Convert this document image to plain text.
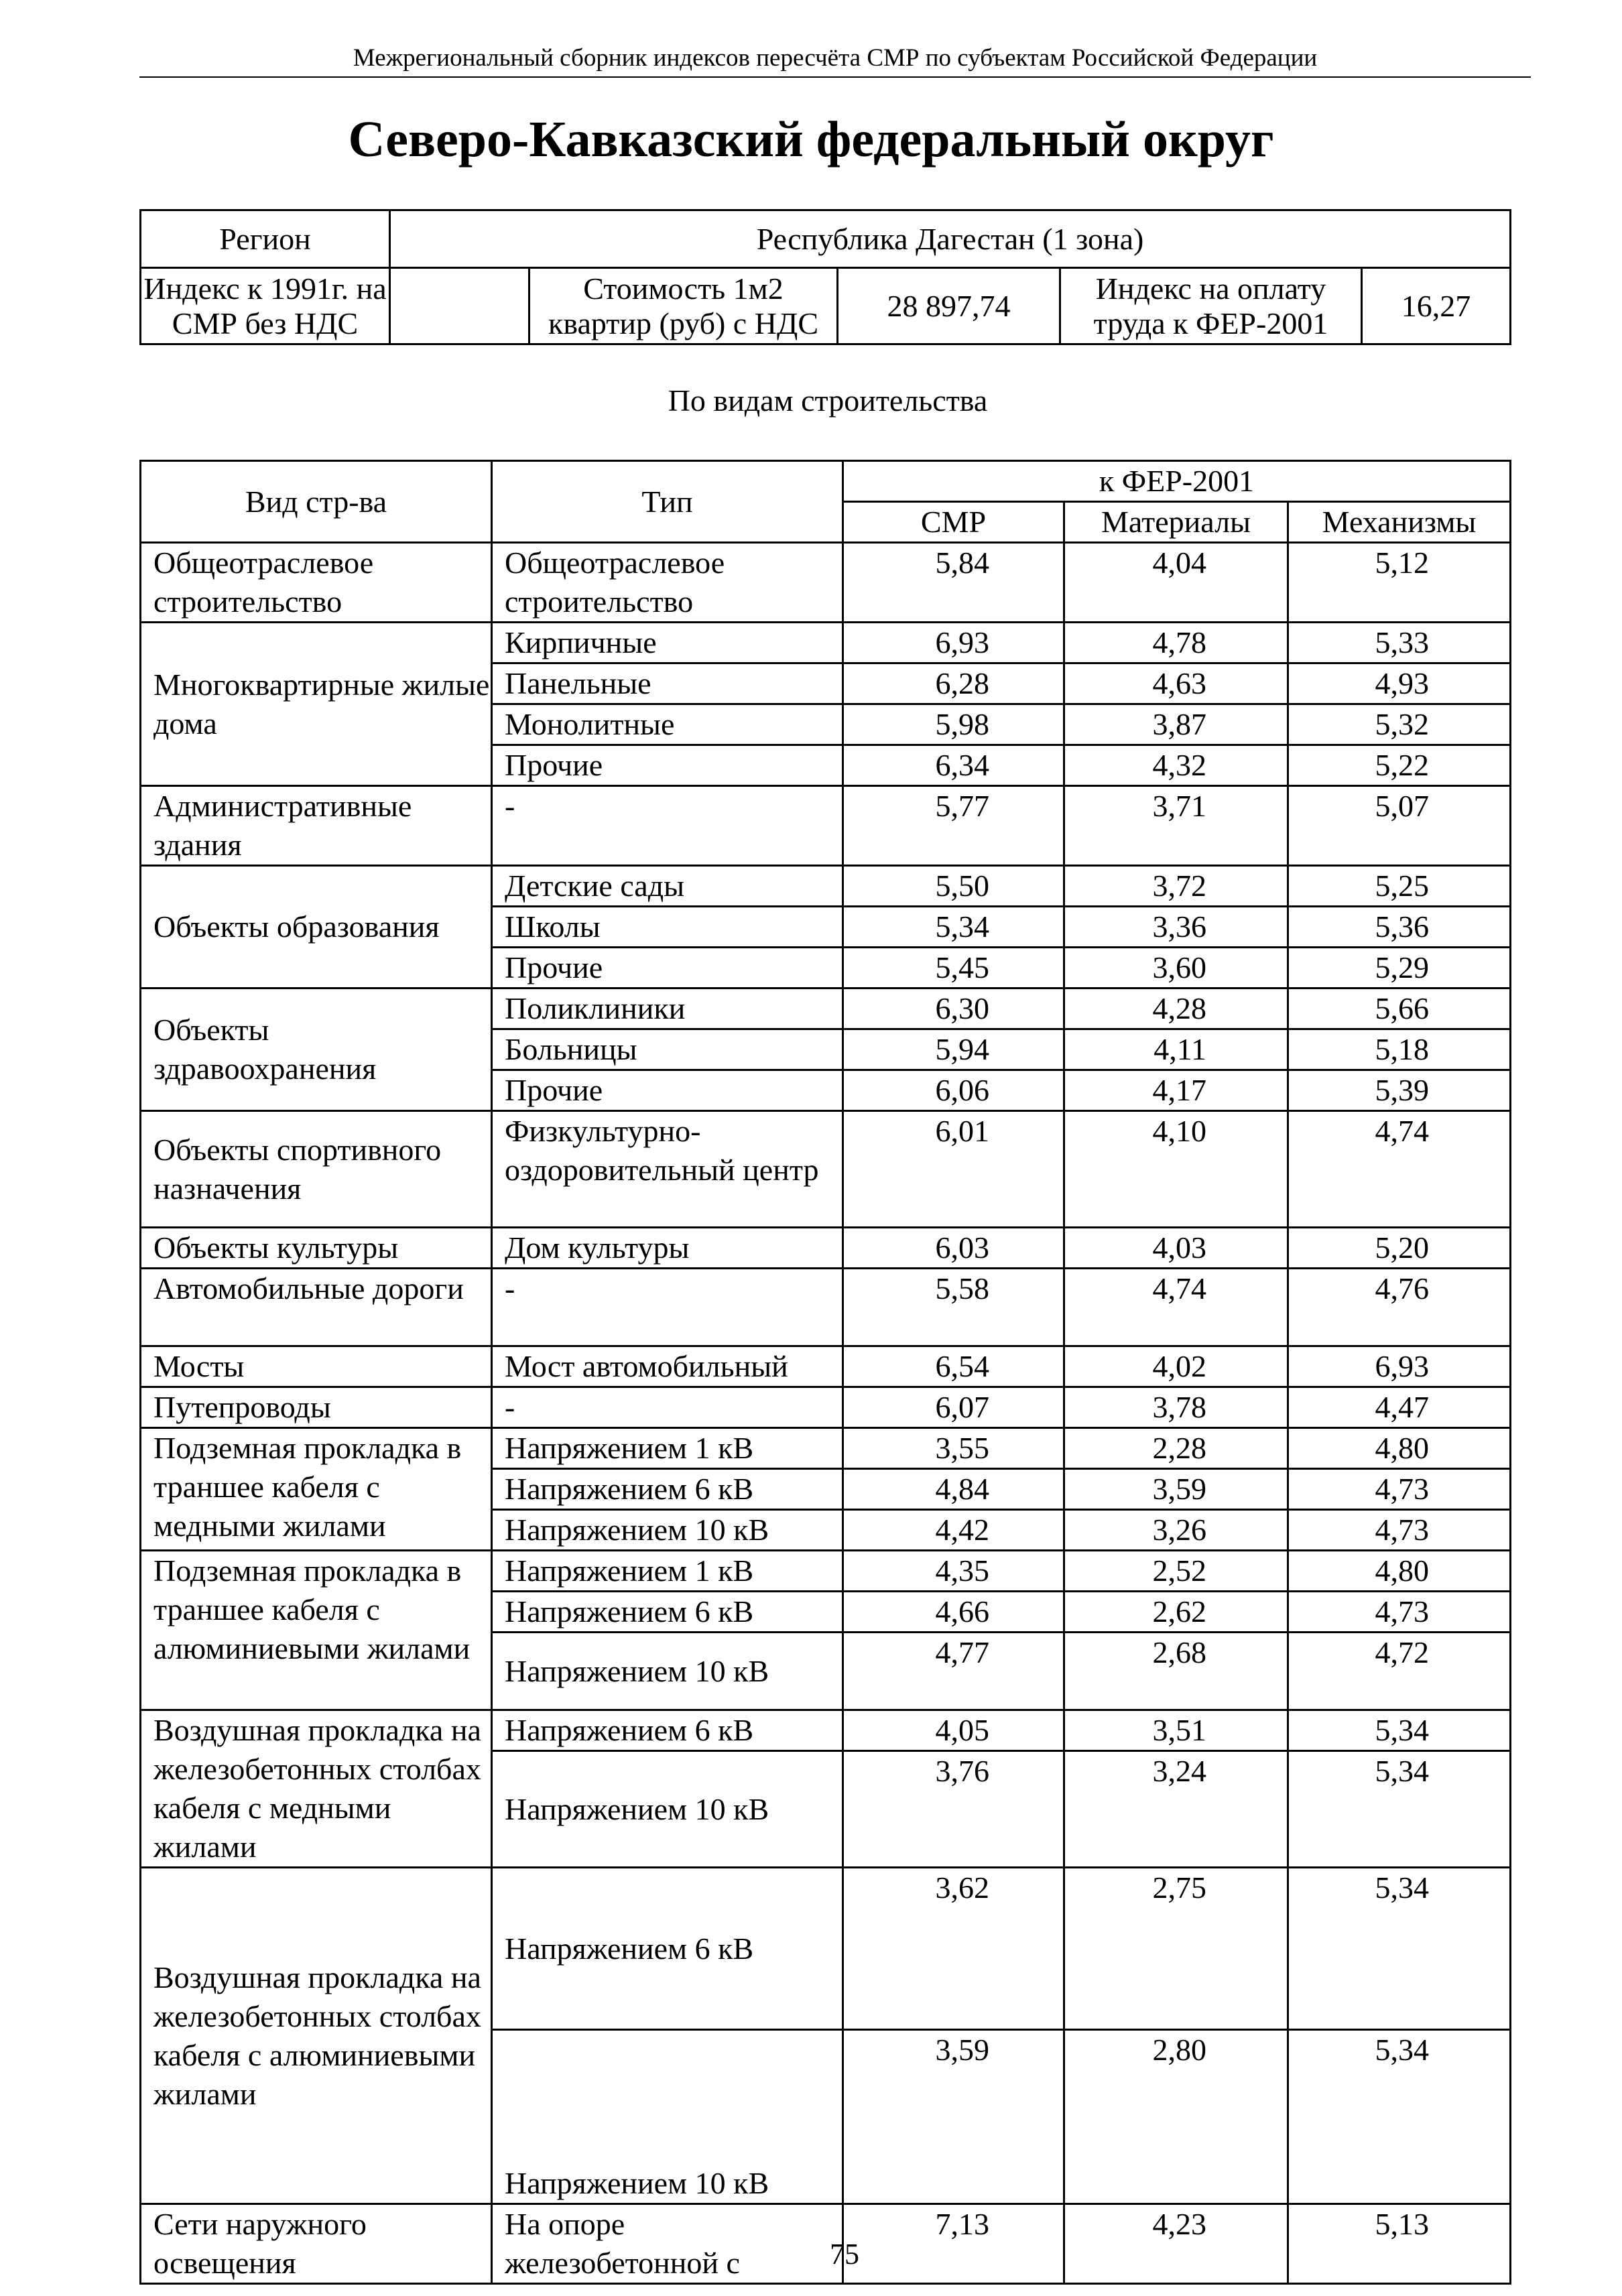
Межрегиональный сборник индексов пересчёта СМР по субъектам Российской Федерации
Северо-Кавказский федеральный округ
Регион	Республика Дагестан (1 зона)				
Индекс к 1991г. на СМР без НДС		Стоимость 1м2 квартир (руб) с НДС	28 897,74	Индекс на оплату труда к ФЕР-2001	16,27
По видам строительства
Вид стр-ва	Тип	к ФЕР-2001		
		СМР	Материалы	Механизмы
Общеотраслевое строительство	Общеотраслевое строительство	5,84	4,04	5,12
Многоквартирные жилые дома	Кирпичные	6,93	4,78	5,33
	Панельные	6,28	4,63	4,93
	Монолитные	5,98	3,87	5,32
	Прочие	6,34	4,32	5,22
Административные здания	-	5,77	3,71	5,07
Объекты образования	Детские сады	5,50	3,72	5,25
	Школы	5,34	3,36	5,36
	Прочие	5,45	3,60	5,29
Объекты здравоохранения	Поликлиники	6,30	4,28	5,66
	Больницы	5,94	4,11	5,18
	Прочие	6,06	4,17	5,39
Объекты спортивного назначения	Физкультурно-оздоровительный центр	6,01	4,10	4,74
Объекты культуры	Дом культуры	6,03	4,03	5,20
Автомобильные дороги	-	5,58	4,74	4,76
Мосты	Мост автомобильный	6,54	4,02	6,93
Путепроводы	-	6,07	3,78	4,47
Подземная прокладка в траншее кабеля с медными жилами	Напряжением 1 кВ	3,55	2,28	4,80
	Напряжением 6 кВ	4,84	3,59	4,73
	Напряжением 10 кВ	4,42	3,26	4,73
Подземная прокладка в траншее кабеля с алюминиевыми жилами	Напряжением 1 кВ	4,35	2,52	4,80
	Напряжением 6 кВ	4,66	2,62	4,73
	Напряжением 10 кВ	4,77	2,68	4,72
Воздушная прокладка на железобетонных столбах кабеля с медными жилами	Напряжением 6 кВ	4,05	3,51	5,34
	Напряжением 10 кВ	3,76	3,24	5,34
Воздушная прокладка на железобетонных столбах кабеля с алюминиевыми жилами	Напряжением 6 кВ	3,62	2,75	5,34
	Напряжением 10 кВ	3,59	2,80	5,34
Сети наружного освещения	На опоре железобетонной с	7,13	4,23	5,13
75
